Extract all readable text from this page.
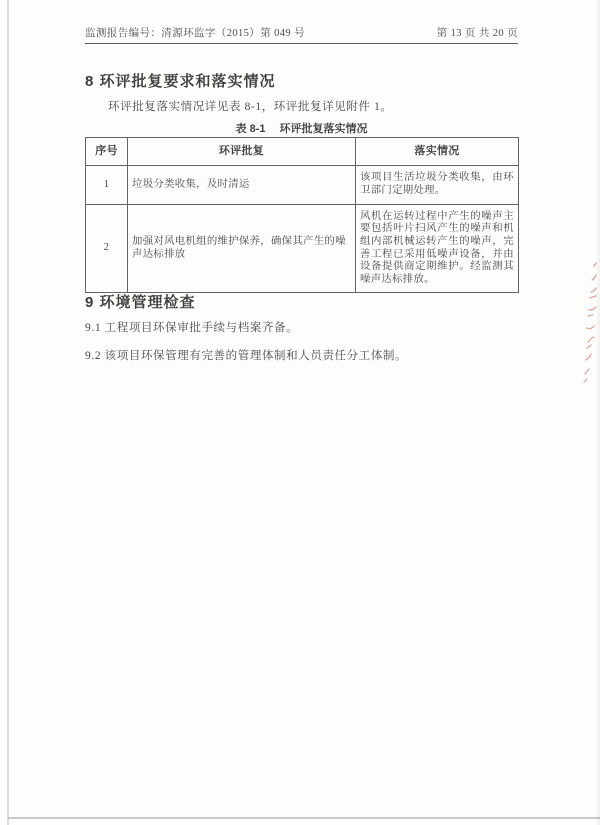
监测报告编号：清源环监字（2015）第 049 号	第 13 页 共 20 页
8 环评批复要求和落实情况

环评批复落实情况详见表 8-1，环评批复详见附件 1。

表 8-1 环评批复落实情况
序号	环评批复	落实情况
1	垃圾分类收集，及时清运	该项目生活垃圾分类收集，由环卫部门定期处理。
2	加强对风电机组的维护保养，确保其产生的噪声达标排放	风机在运转过程中产生的噪声主要包括叶片扫风产生的噪声和机组内部机械运转产生的噪声，完善工程已采用低噪声设备，并由设备提供商定期维护。经监测其噪声达标排放。
9 环境管理检查

9.1 工程项目环保审批手续与档案齐备。

9.2 该项目环保管理有完善的管理体制和人员责任分工体制。
